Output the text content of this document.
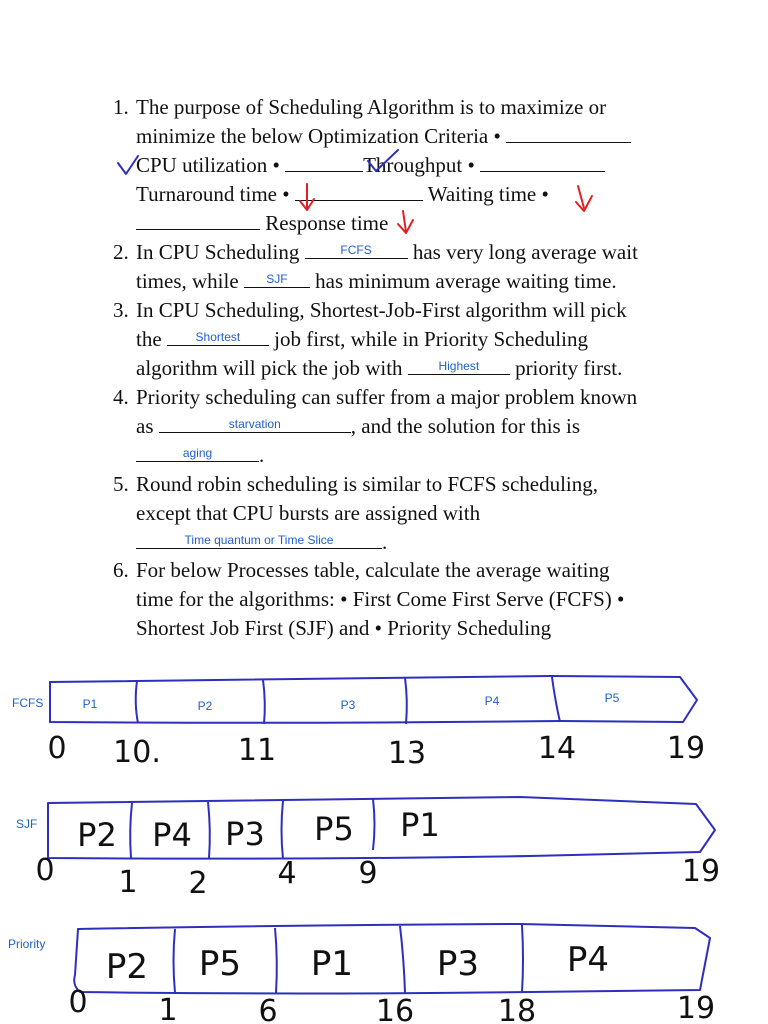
1. The purpose of Scheduling Algorithm is to maximize or
minimize the below Optimization Criteria •
CPU utilization •	Throughput •
Turnaround time •	Waiting time •
Response time
2. In CPU Scheduling	FCFS	has very long average wait
times, while	SJF	has minimum average waiting time.
3. In CPU Scheduling, Shortest-Job-First algorithm will pick
the	Shortest	job first, while in Priority Scheduling
algorithm will pick the job with	Highest	priority first.
4. Priority scheduling can suffer from a major problem known
as	starvation	, and the solution for this is
aging	.
5. Round robin scheduling is similar to FCFS scheduling,
except that CPU bursts are assigned with
Time quantum or Time Slice	.
6. For below Processes table, calculate the average waiting
time for the algorithms: • First Come First Serve (FCFS) •
Shortest Job First (SJF) and • Priority Scheduling
FCFS
SJF
Priority
P1	P2	P3	P4	P5
0 10.	11	13	14	19
P2 P4 P3 P5 P1
0 1 2 4 9	19
P2 P5 P1 P3	P4
0 1	6	16	18	19
